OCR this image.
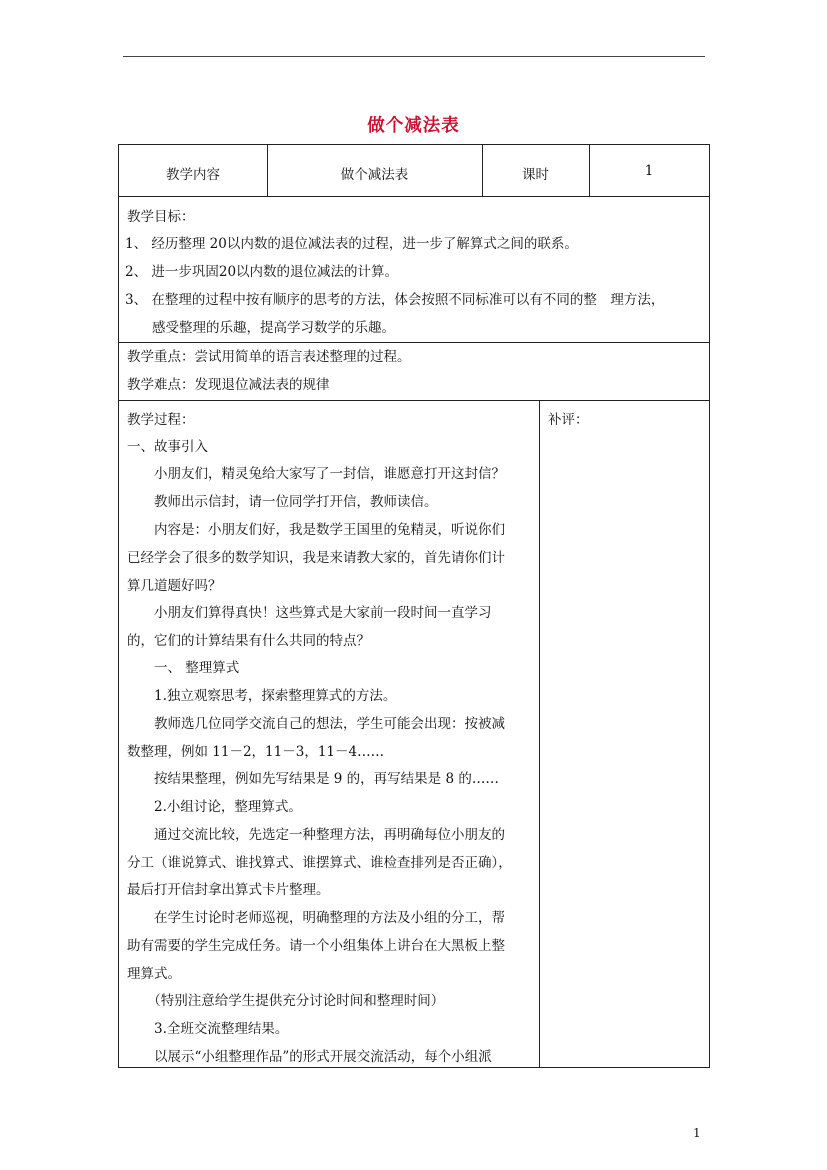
做个减法表
教学内容	做个减法表	课时	1
教学目标：
1、 经历整理 20以内数的退位减法表的过程，进一步了解算式之间的联系。
2、 进一步巩固20以内数的退位减法的计算。
3、 在整理的过程中按有顺序的思考的方法，体会按照不同标准可以有不同的整　理方法，
　　感受整理的乐趣，提高学习数学的乐趣。
教学重点：尝试用简单的语言表述整理的过程。
教学难点：发现退位减法表的规律
补评：
教学过程：
一、故事引入
　　小朋友们，精灵兔给大家写了一封信，谁愿意打开这封信？
　　教师出示信封，请一位同学打开信，教师读信。
　　内容是：小朋友们好，我是数学王国里的兔精灵，听说你们
已经学会了很多的数学知识，我是来请教大家的，首先请你们计
算几道题好吗？
　　小朋友们算得真快！这些算式是大家前一段时间一直学习
的，它们的计算结果有什么共同的特点？
　　一、 整理算式
　　1.独立观察思考，探索整理算式的方法。
　　教师选几位同学交流自己的想法，学生可能会出现：按被减
数整理，例如 11－2，11－3，11－4……
　　按结果整理，例如先写结果是 9 的，再写结果是 8 的……
　　2.小组讨论，整理算式。
　　通过交流比较，先选定一种整理方法，再明确每位小朋友的
分工（谁说算式、谁找算式、谁摆算式、谁检查排列是否正确），
最后打开信封拿出算式卡片整理。
　　在学生讨论时老师巡视，明确整理的方法及小组的分工，帮
助有需要的学生完成任务。请一个小组集体上讲台在大黑板上整
理算式。
　　（特别注意给学生提供充分讨论时间和整理时间）
　　3.全班交流整理结果。
　　以展示“小组整理作品”的形式开展交流活动，每个小组派
1
